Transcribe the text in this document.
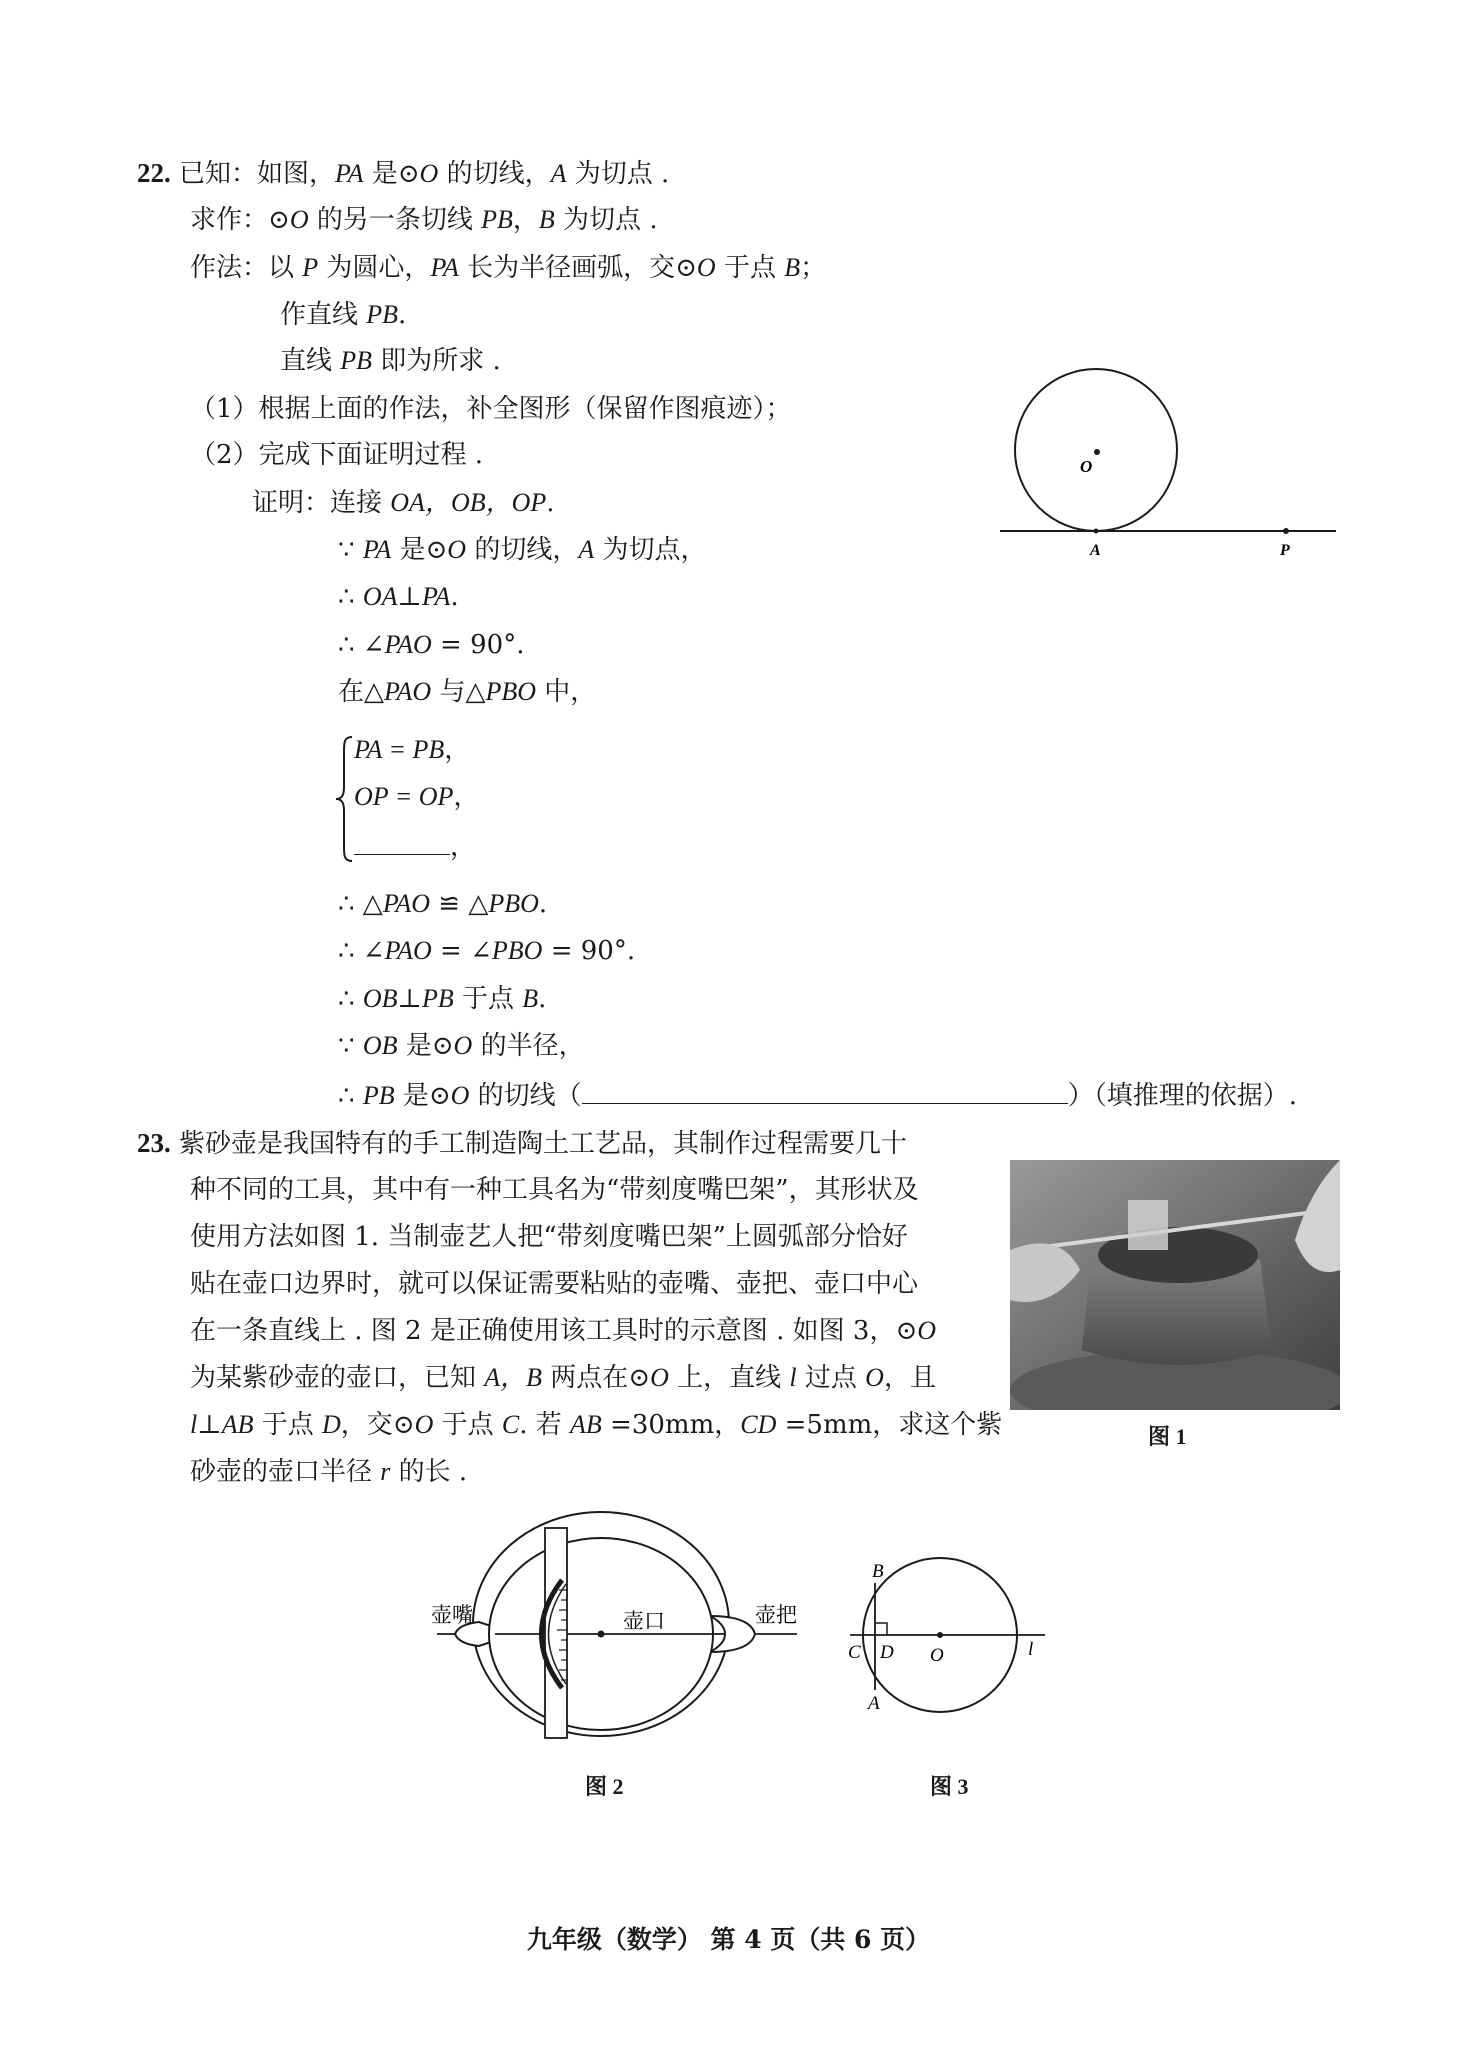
22. 已知：如图，PA 是⊙O 的切线，A 为切点 .
求作：⊙O 的另一条切线 PB，B 为切点 .
作法：以 P 为圆心，PA 长为半径画弧，交⊙O 于点 B；
作直线 PB.
直线 PB 即为所求 .
（1）根据上面的作法，补全图形（保留作图痕迹）；
（2）完成下面证明过程 .
证明：连接 OA，OB，OP.
∵ PA 是⊙O 的切线，A 为切点，
∴ OA⊥PA.
∴ ∠PAO = 90°.
在△PAO 与△PBO 中，
PA = PB，
OP = OP，
，
∴ △PAO ≌ △PBO.
∴ ∠PAO = ∠PBO = 90°.
∴ OB⊥PB 于点 B.
∵ OB 是⊙O 的半径，
∴ PB 是⊙O 的切线（	）（填推理的依据）.
O
A	P
23. 紫砂壶是我国特有的手工制造陶土工艺品，其制作过程需要几十
种不同的工具，其中有一种工具名为“带刻度嘴巴架”，其形状及
使用方法如图 1. 当制壶艺人把“带刻度嘴巴架”上圆弧部分恰好
贴在壶口边界时，就可以保证需要粘贴的壶嘴、壶把、壶口中心
在一条直线上 . 图 2 是正确使用该工具时的示意图 . 如图 3，⊙O
为某紫砂壶的壶口，已知 A，B 两点在⊙O 上，直线 l 过点 O，且
l⊥AB 于点 D，交⊙O 于点 C. 若 AB =30mm，CD =5mm，求这个紫
砂壶的壶口半径 r 的长 .
图 1
壶嘴	壶口	壶把
图 2
B
C D O	l
A
图 3
九年级（数学） 第 4 页（共 6 页）
